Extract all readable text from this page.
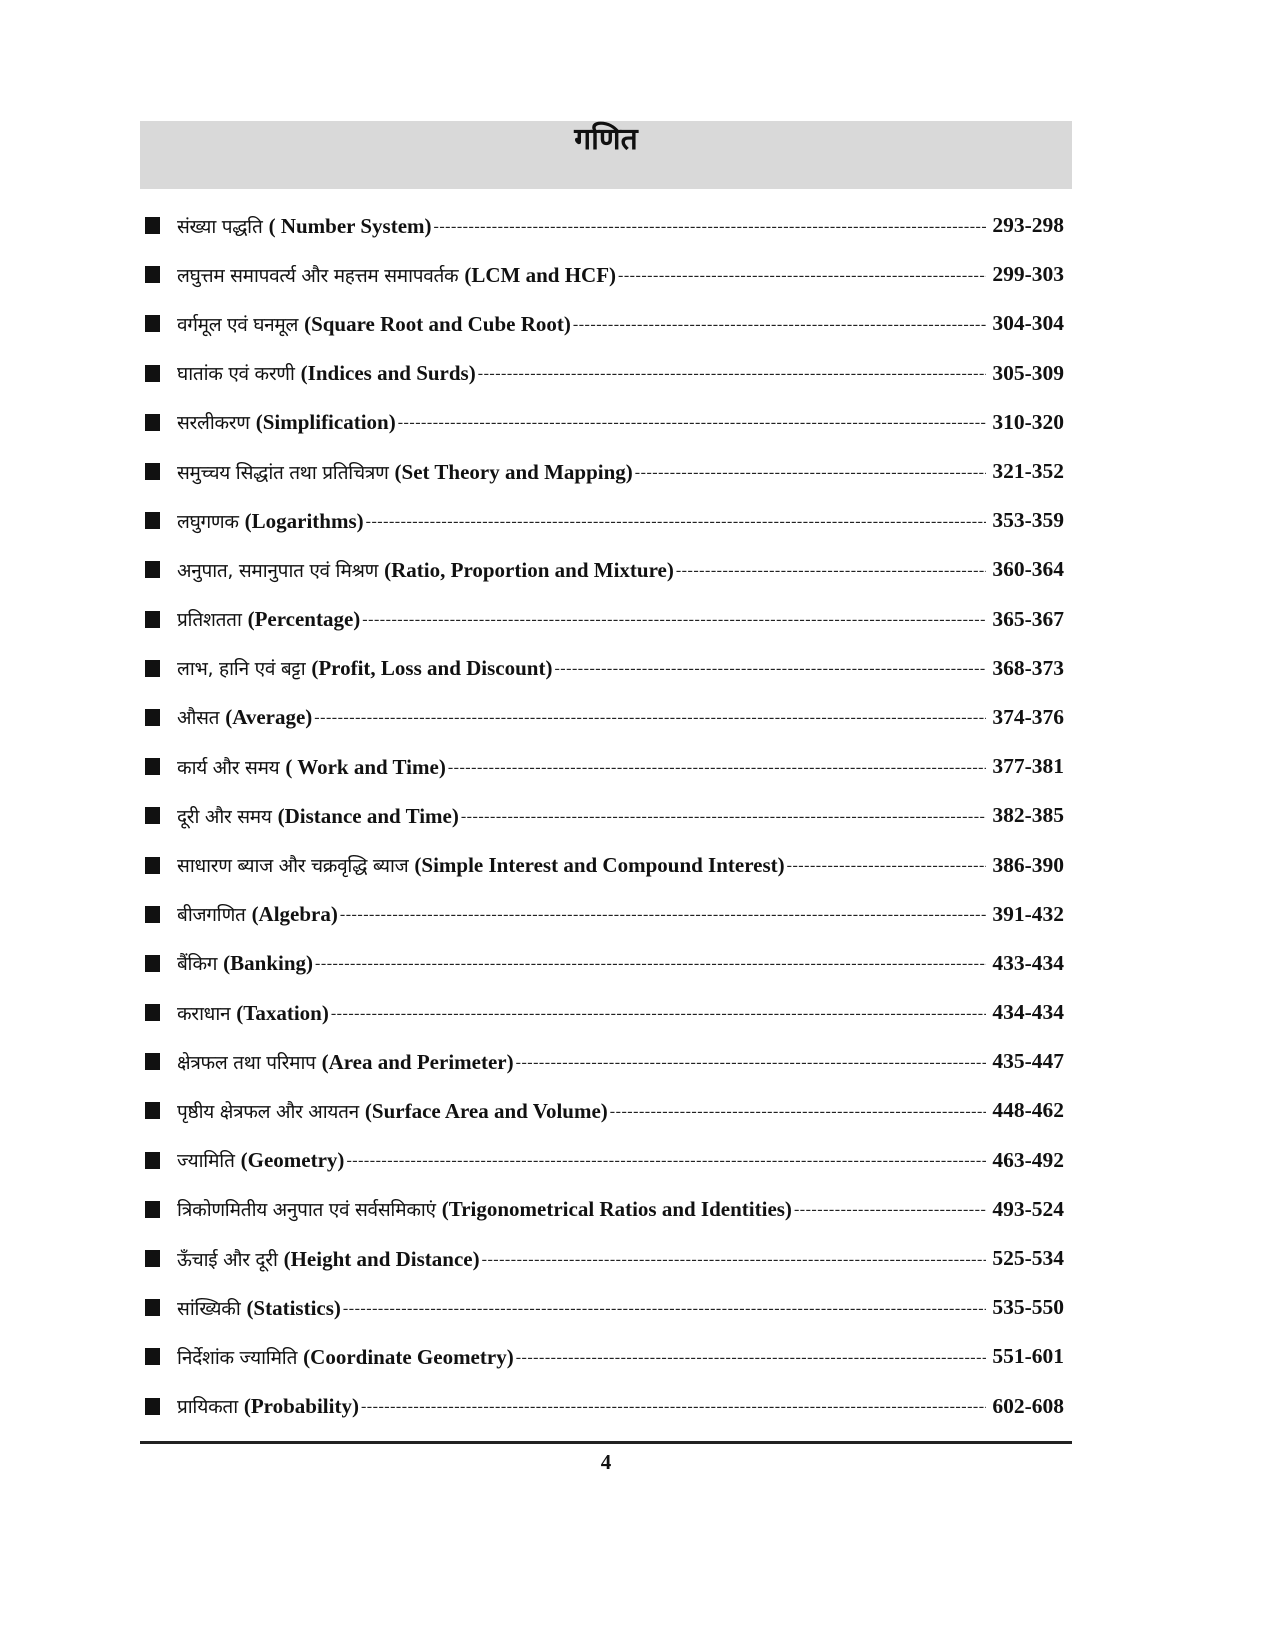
गणित
संख्या पद्धति ( Number System) -----	293-298
लघुत्तम समापवर्त्य और महत्तम समापवर्तक (LCM and HCF) -----	299-303
वर्गमूल एवं घनमूल (Square Root and Cube Root) -----	304-304
घातांक एवं करणी (Indices and Surds) -----	305-309
सरलीकरण (Simplification) -----	310-320
समुच्चय सिद्धांत तथा प्रतिचित्रण (Set Theory and Mapping) -----	321-352
लघुगणक (Logarithms) -----	353-359
अनुपात, समानुपात एवं मिश्रण (Ratio, Proportion and Mixture) -----	360-364
प्रतिशतता (Percentage) -----	365-367
लाभ, हानि एवं बट्टा (Profit, Loss and Discount) -----	368-373
औसत (Average) -----	374-376
कार्य और समय ( Work and Time) -----	377-381
दूरी और समय (Distance and Time) -----	382-385
साधारण ब्याज और चक्रवृद्धि ब्याज (Simple Interest and Compound Interest) -----	386-390
बीजगणित (Algebra) -----	391-432
बैंकिग (Banking) -----	433-434
कराधान (Taxation) -----	434-434
क्षेत्रफल तथा परिमाप (Area and Perimeter) -----	435-447
पृष्ठीय क्षेत्रफल और आयतन (Surface Area and Volume) -----	448-462
ज्यामिति (Geometry) -----	463-492
त्रिकोणमितीय अनुपात एवं सर्वसमिकाएं (Trigonometrical Ratios and Identities) -----	493-524
ऊँचाई और दूरी (Height and Distance) -----	525-534
सांख्यिकी (Statistics) -----	535-550
निर्देशांक ज्यामिति (Coordinate Geometry) -----	551-601
प्रायिकता (Probability) -----	602-608
4
